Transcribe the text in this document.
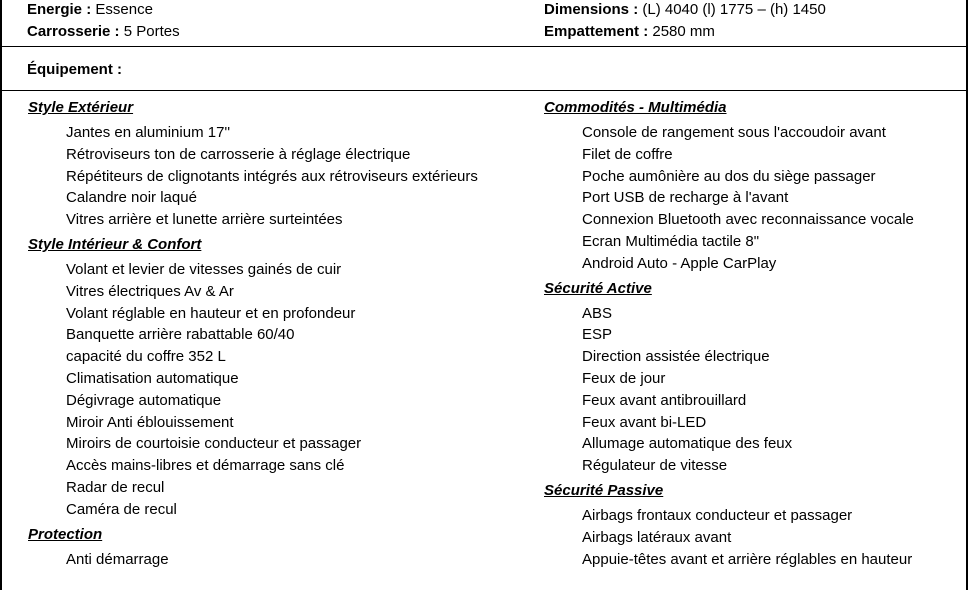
Energie : Essence
Carrosserie : 5 Portes
Dimensions : (L) 4040 (l) 1775 – (h) 1450
Empattement : 2580 mm
Équipement :
Style Extérieur
Jantes en aluminium 17''
Rétroviseurs ton de carrosserie à réglage électrique
Répétiteurs de clignotants intégrés aux rétroviseurs extérieurs
Calandre noir laqué
Vitres arrière et lunette arrière surteintées
Style Intérieur & Confort
Volant et levier de vitesses gainés de cuir
Vitres électriques Av & Ar
Volant réglable en hauteur et en profondeur
Banquette arrière rabattable 60/40
capacité du coffre 352 L
Climatisation automatique
Dégivrage automatique
Miroir Anti éblouissement
Miroirs de courtoisie conducteur et passager
Accès mains-libres et démarrage sans clé
Radar de recul
Caméra de recul
Protection
Anti démarrage
Commodités - Multimédia
Console de rangement sous l'accoudoir avant
Filet de coffre
Poche aumônière au dos du siège passager
Port USB de recharge à l'avant
Connexion Bluetooth avec reconnaissance vocale
Ecran Multimédia tactile 8"
Android Auto - Apple CarPlay
Sécurité Active
ABS
ESP
Direction assistée électrique
Feux de jour
Feux avant antibrouillard
Feux avant bi-LED
Allumage automatique des feux
Régulateur de vitesse
Sécurité Passive
Airbags frontaux conducteur et passager
Airbags latéraux avant
Appuie-têtes avant et arrière réglables en hauteur
